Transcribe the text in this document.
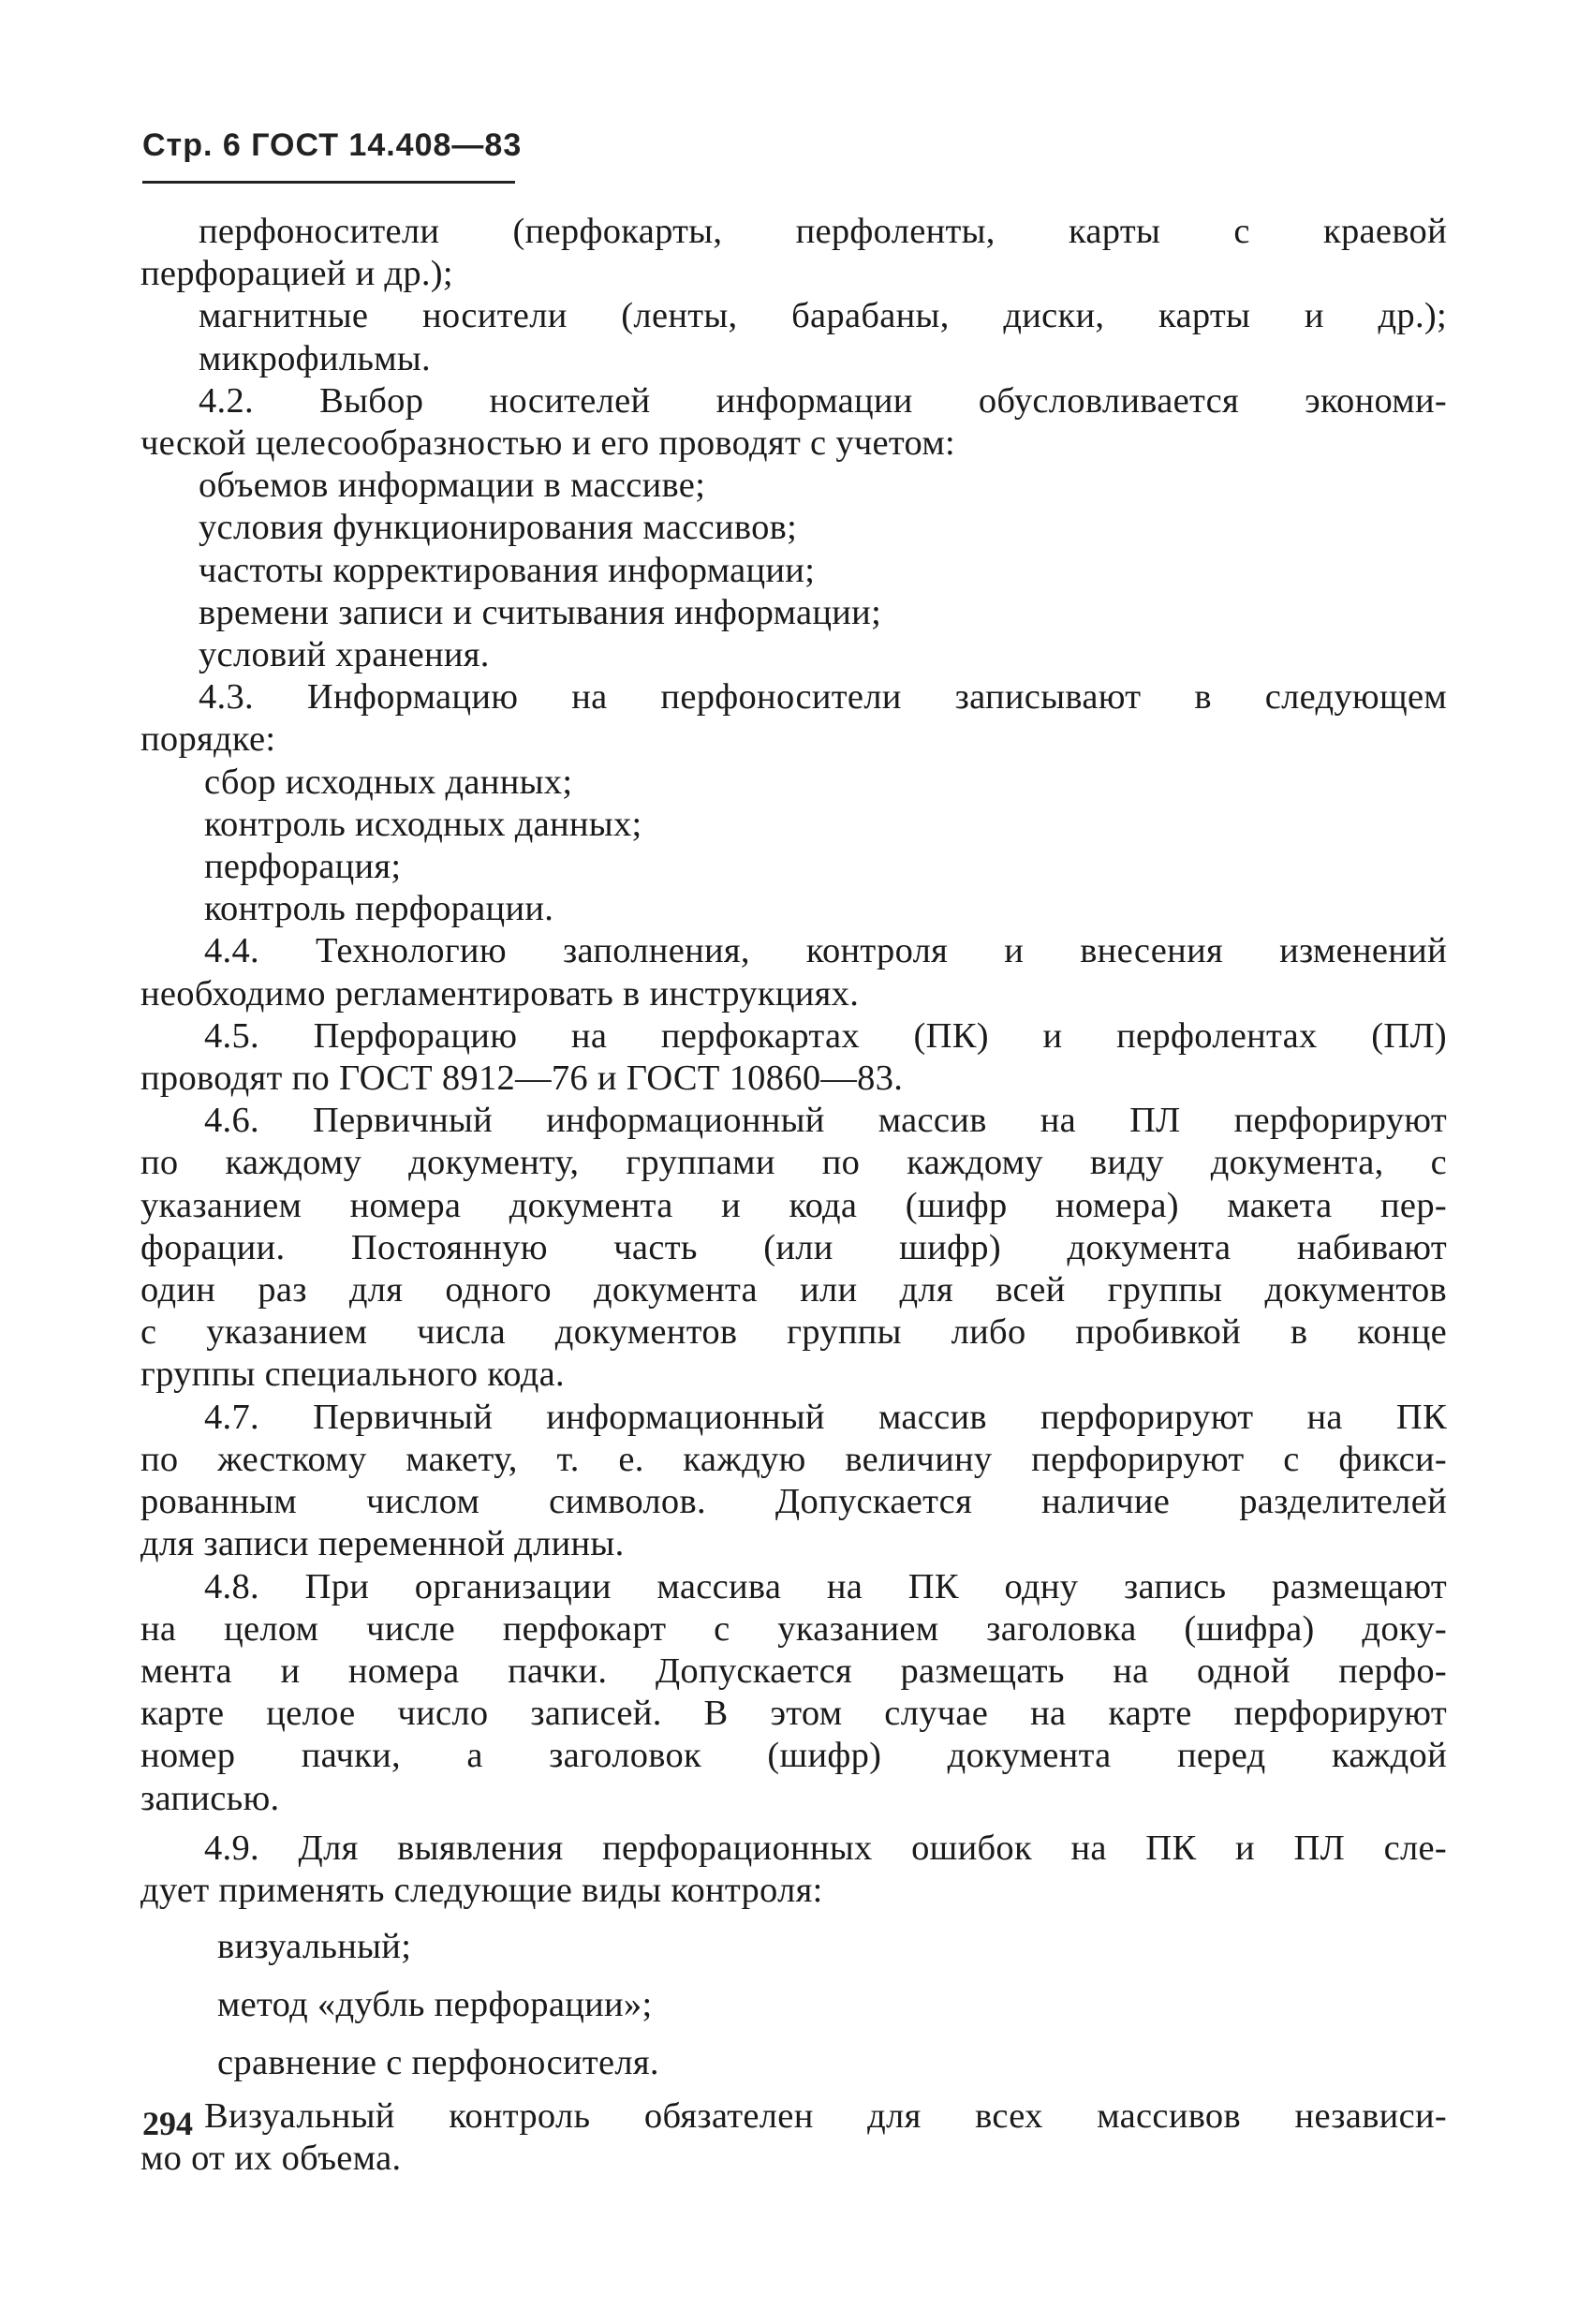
Стр. 6 ГОСТ 14.408—83

перфоносители (перфокарты, перфоленты, карты с краевой

перфорацией и др.);

магнитные носители (ленты, барабаны, диски, карты и др.);

микрофильмы.

4.2. Выбор носителей информации обусловливается экономи-

ческой целесообразностью и его проводят с учетом:

объемов информации в массиве;

условия функционирования массивов;

частоты корректирования информации;

времени записи и считывания информации;

условий хранения.

4.3. Информацию на перфоносители записывают в следующем

порядке:

сбор исходных данных;

контроль исходных данных;

перфорация;

контроль перфорации.

4.4. Технологию заполнения, контроля и внесения изменений

необходимо регламентировать в инструкциях.

4.5. Перфорацию на перфокартах (ПК) и перфолентах (ПЛ)

проводят по ГОСТ 8912—76 и ГОСТ 10860—83.

4.6. Первичный информационный массив на ПЛ перфорируют

по каждому документу, группами по каждому виду документа, с

указанием номера документа и кода (шифр номера) макета пер-

форации. Постоянную часть (или шифр) документа набивают

один раз для одного документа или для всей группы документов

с указанием числа документов группы либо пробивкой в конце

группы специального кода.

4.7. Первичный информационный массив перфорируют на ПК

по жесткому макету, т. е. каждую величину перфорируют с фикси-

рованным числом символов. Допускается наличие разделителей

для записи переменной длины.

4.8. При организации массива на ПК одну запись размещают

на целом числе перфокарт с указанием заголовка (шифра) доку-

мента и номера пачки. Допускается размещать на одной перфо-

карте целое число записей. В этом случае на карте перфорируют

номер пачки, а заголовок (шифр) документа перед каждой

записью.

4.9. Для выявления перфорационных ошибок на ПК и ПЛ сле-

дует применять следующие виды контроля:

визуальный;

метод «дубль перфорации»;

сравнение с перфоносителя.

Визуальный контроль обязателен для всех массивов независи-

мо от их объема.

294
